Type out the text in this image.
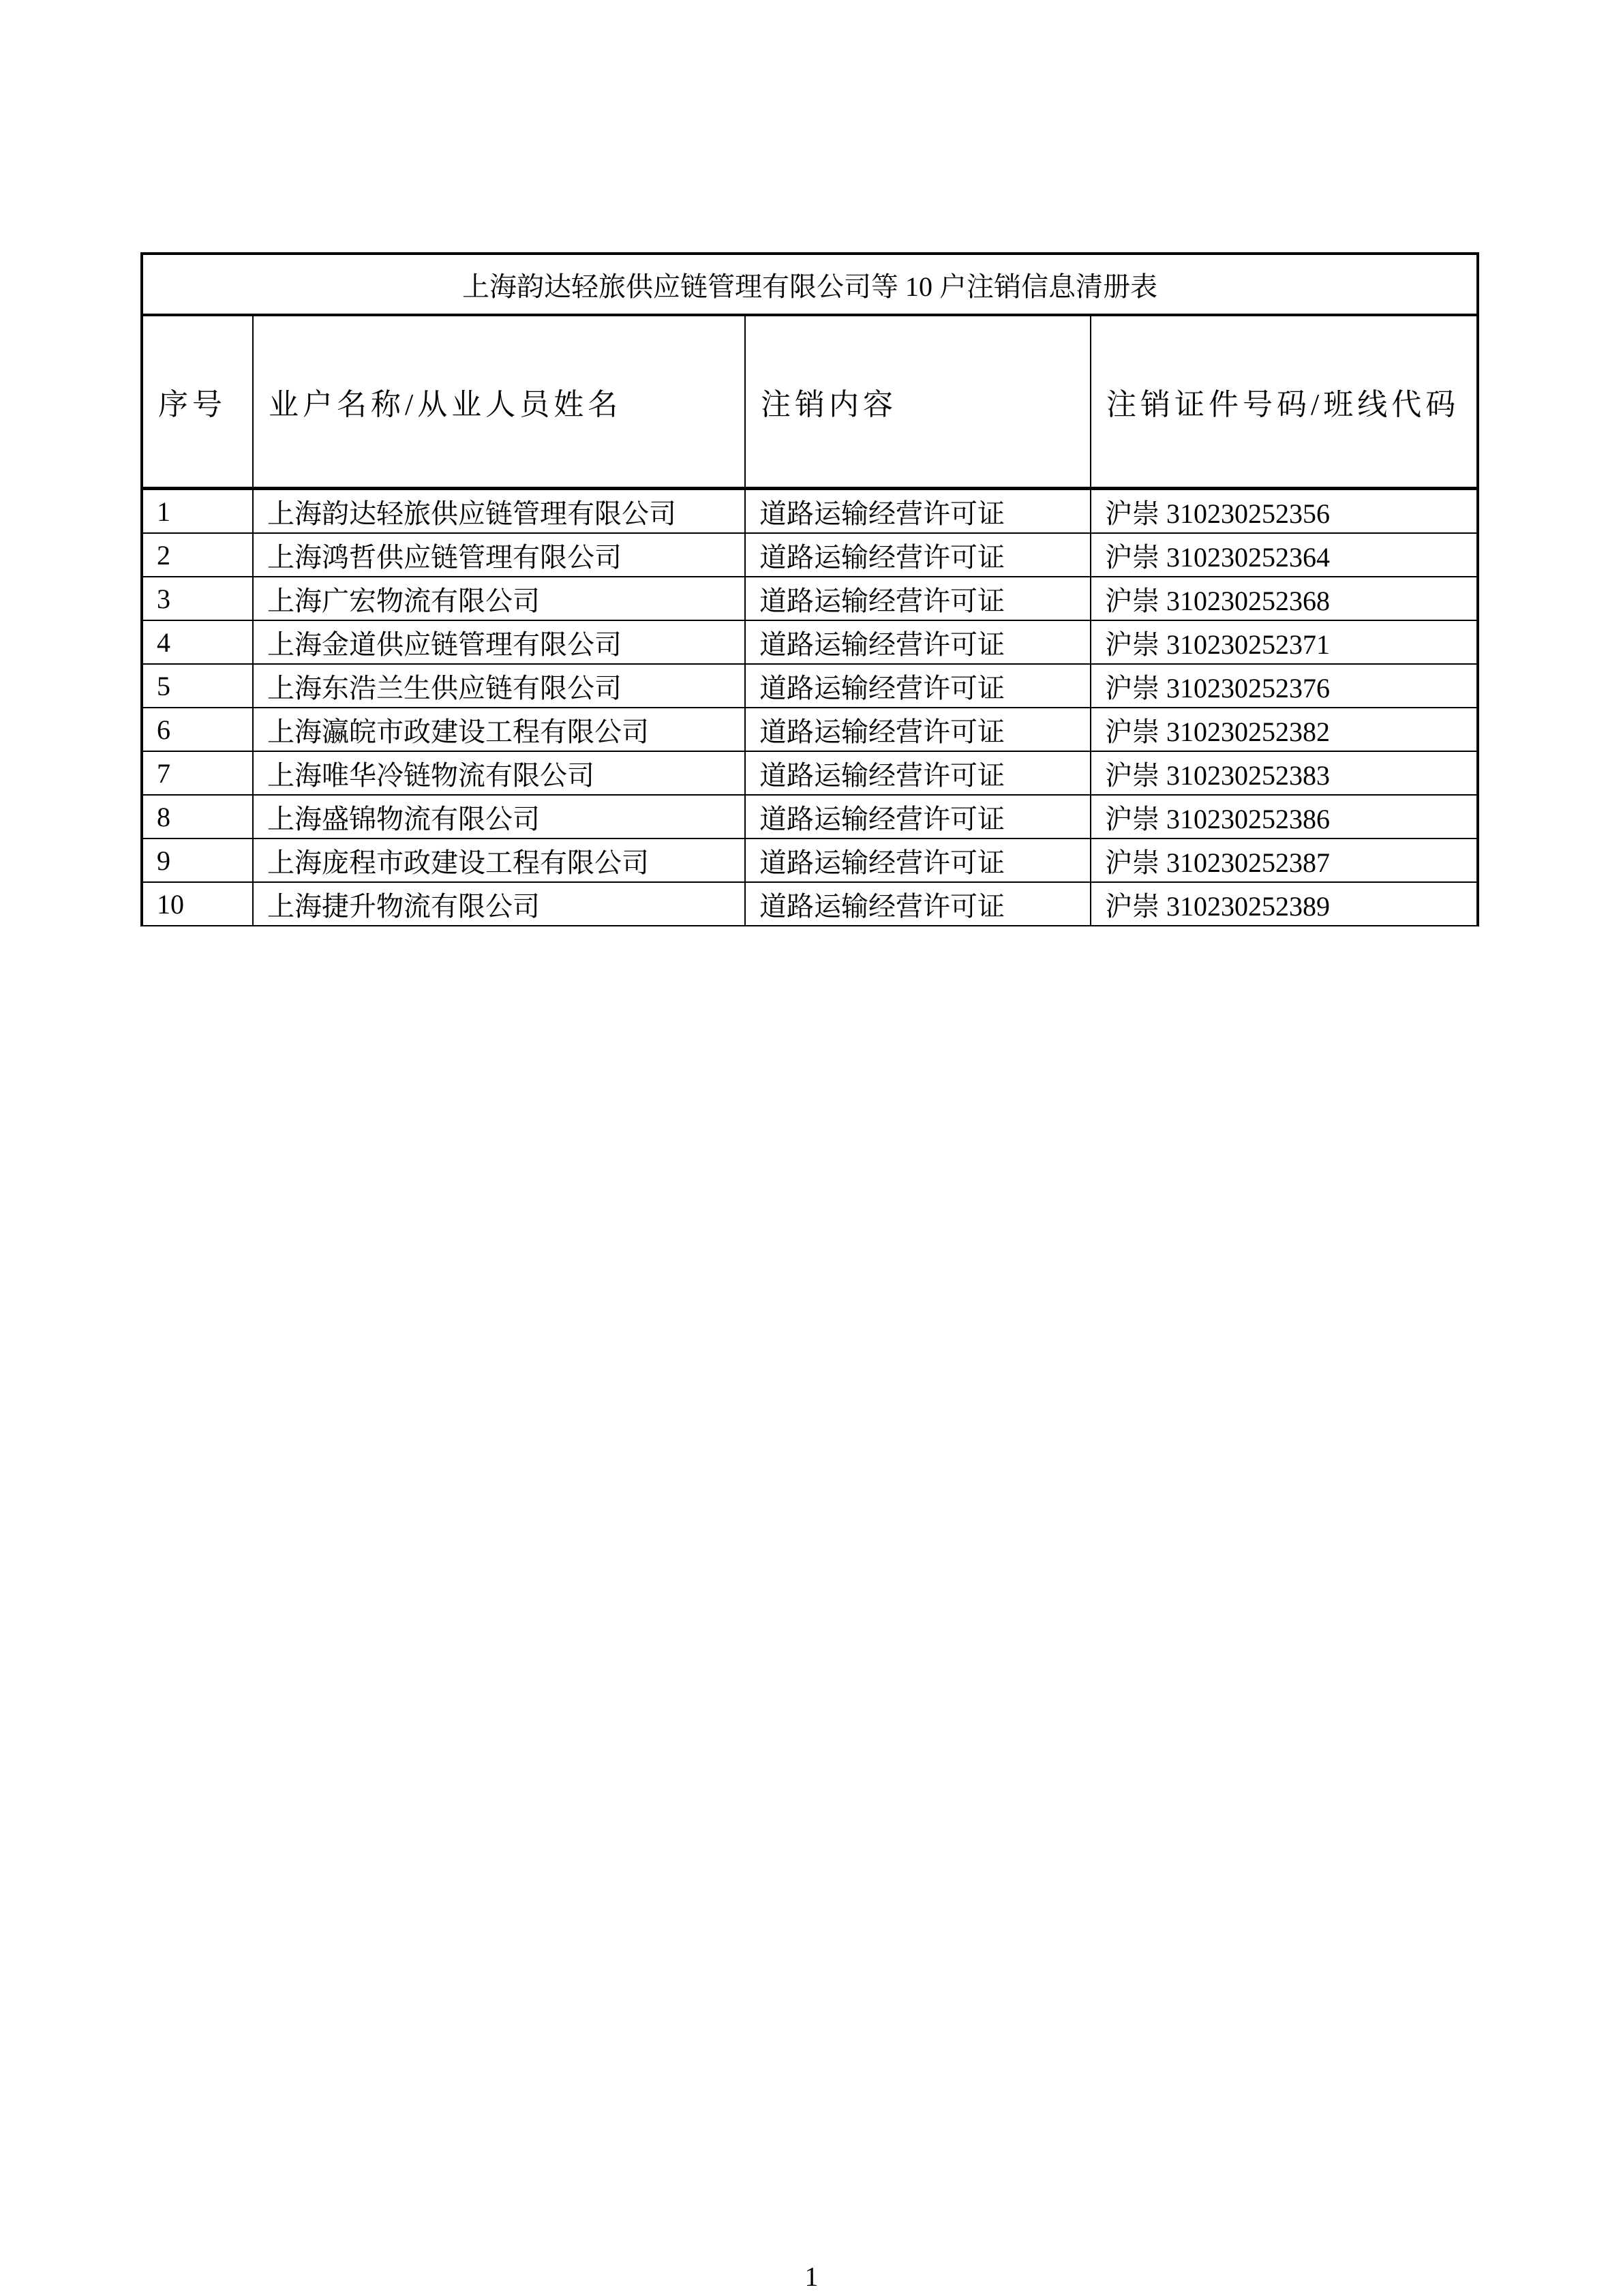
上海韵达轻旅供应链管理有限公司等 10 户注销信息清册表			
序号	业户名称/从业人员姓名	注销内容	注销证件号码/班线代码
1	上海韵达轻旅供应链管理有限公司	道路运输经营许可证	沪崇 310230252356
2	上海鸿哲供应链管理有限公司	道路运输经营许可证	沪崇 310230252364
3	上海广宏物流有限公司	道路运输经营许可证	沪崇 310230252368
4	上海金道供应链管理有限公司	道路运输经营许可证	沪崇 310230252371
5	上海东浩兰生供应链有限公司	道路运输经营许可证	沪崇 310230252376
6	上海瀛皖市政建设工程有限公司	道路运输经营许可证	沪崇 310230252382
7	上海唯华冷链物流有限公司	道路运输经营许可证	沪崇 310230252383
8	上海盛锦物流有限公司	道路运输经营许可证	沪崇 310230252386
9	上海庞程市政建设工程有限公司	道路运输经营许可证	沪崇 310230252387
10	上海捷升物流有限公司	道路运输经营许可证	沪崇 310230252389
1
